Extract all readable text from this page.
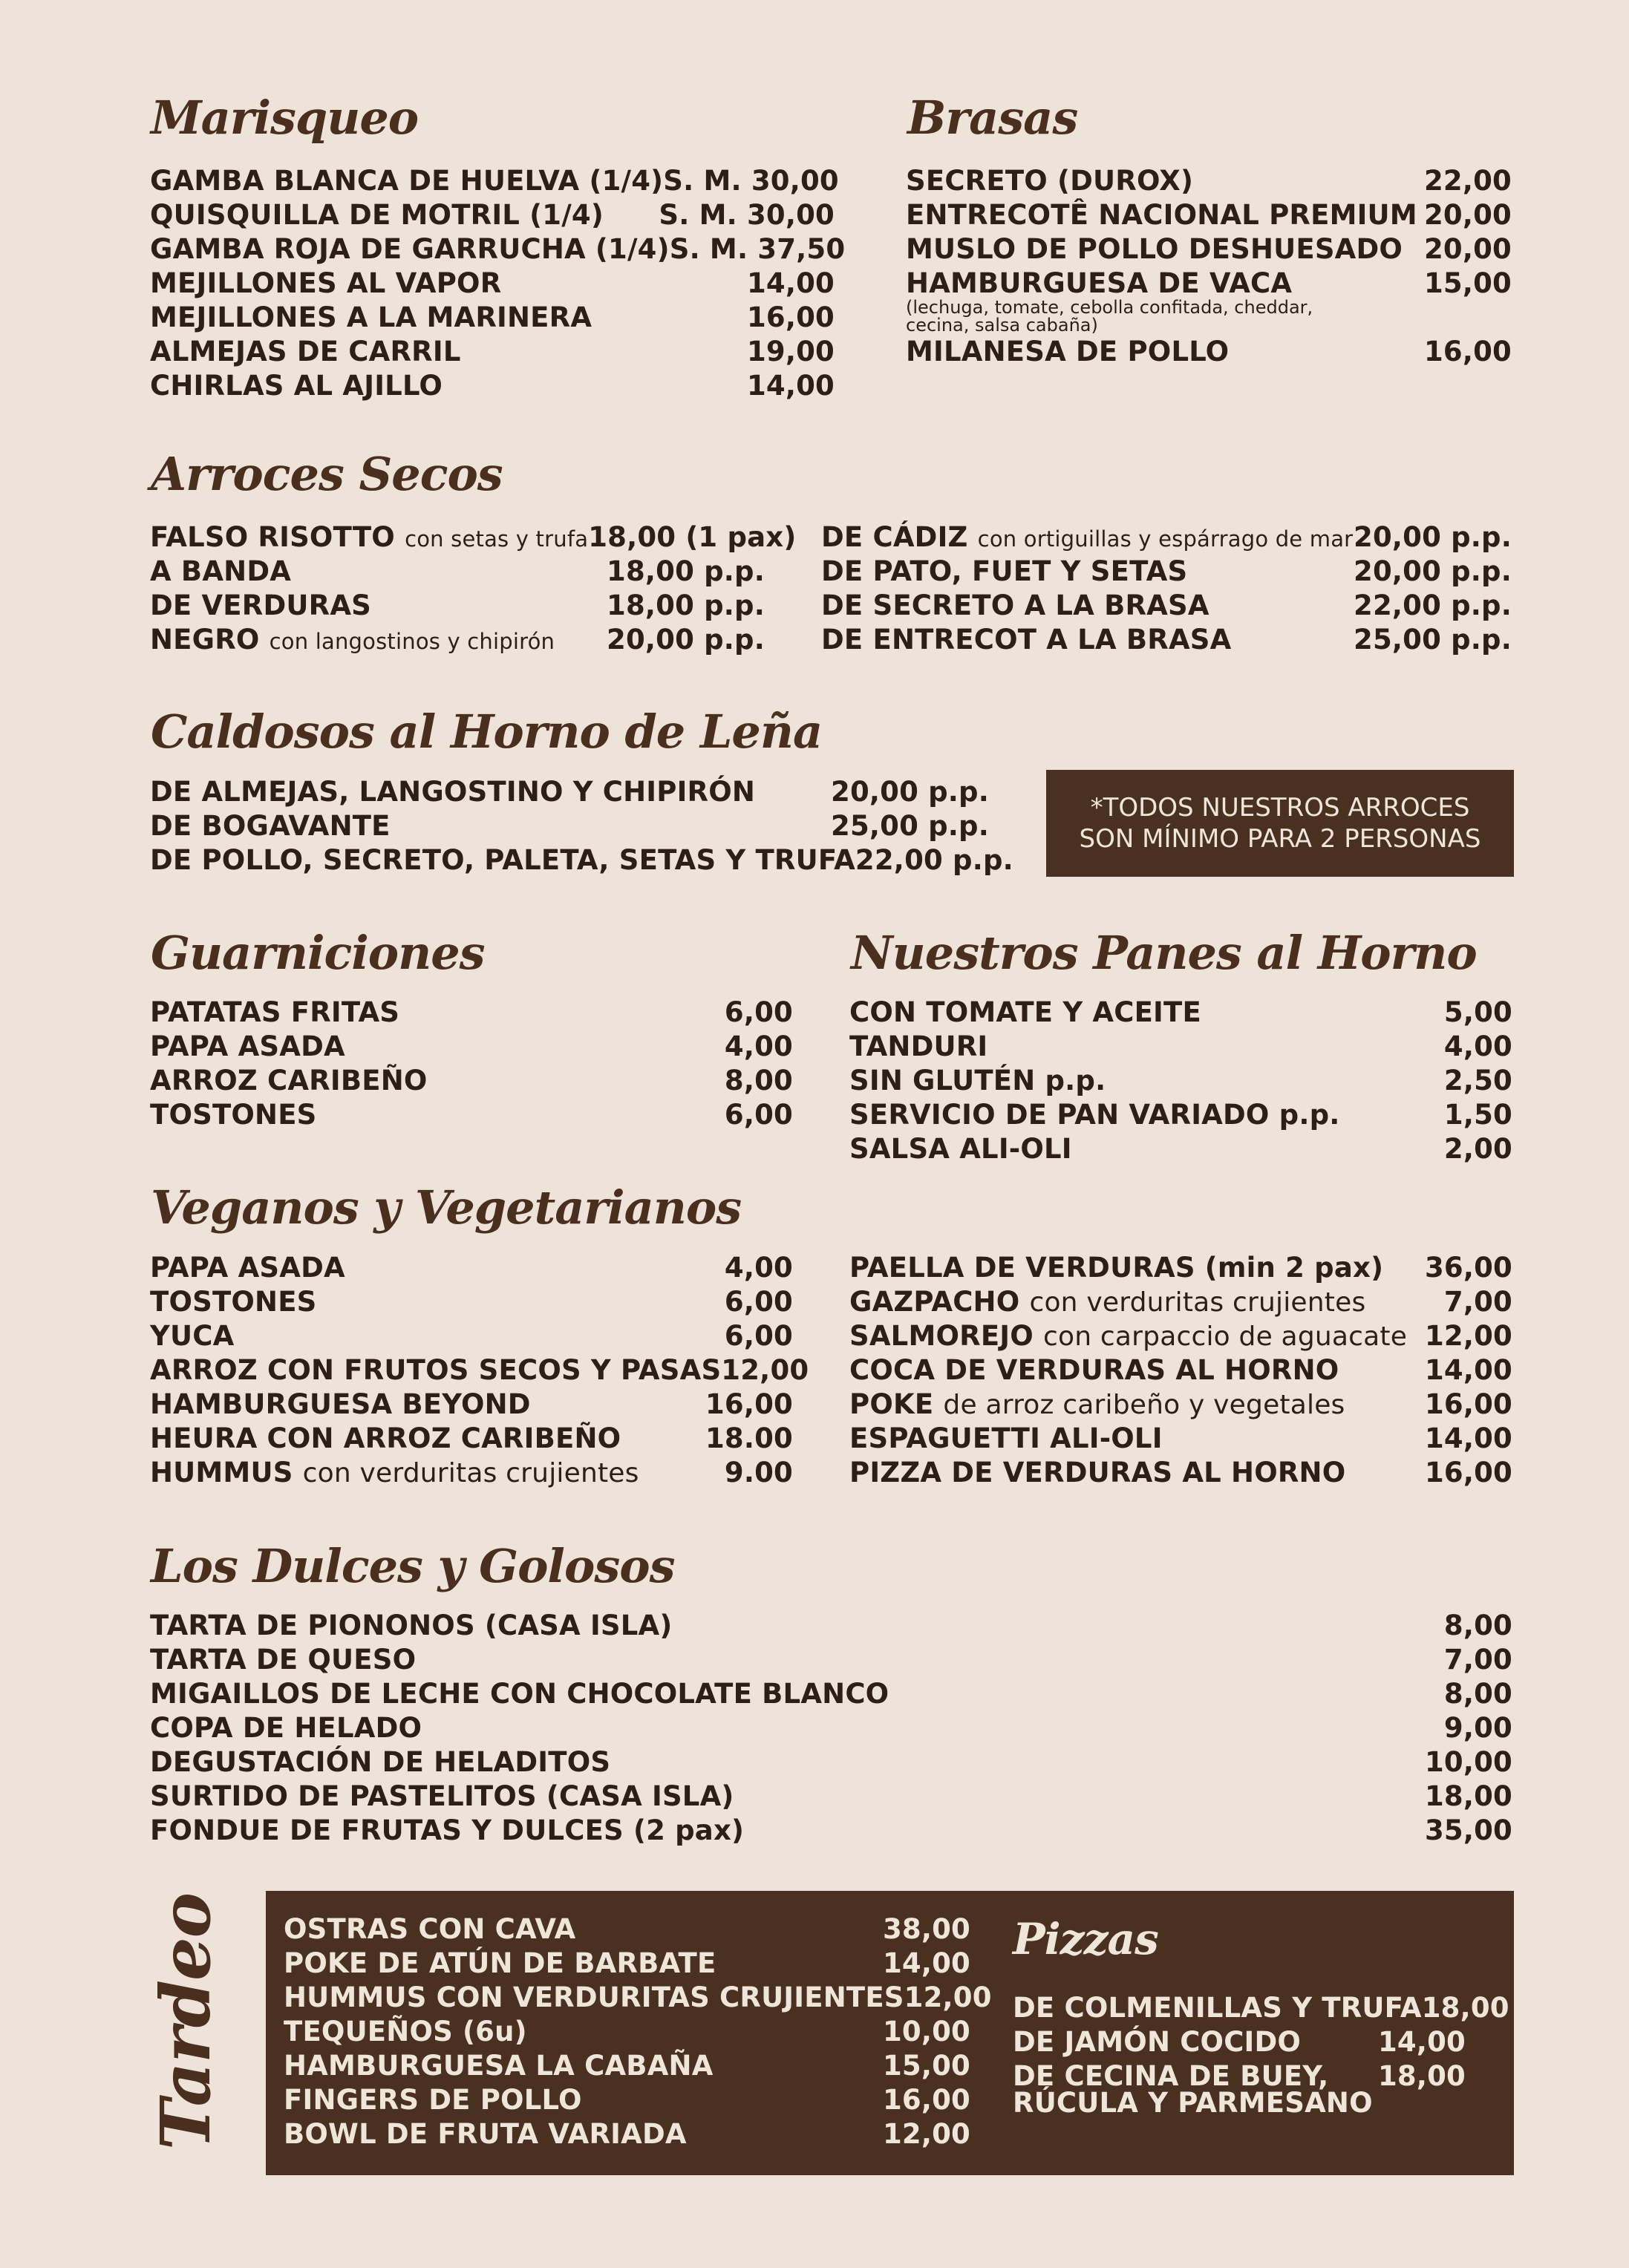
Marisqueo
GAMBA BLANCA DE HUELVA (1/4) S. M. 30,00
QUISQUILLA DE MOTRIL (1/4)	S. M. 30,00
GAMBA ROJA DE GARRUCHA (1/4) S. M. 37,50
MEJILLONES AL VAPOR	14,00
MEJILLONES A LA MARINERA	16,00
ALMEJAS DE CARRIL	19,00
CHIRLAS AL AJILLO	14,00
Brasas
SECRETO (DUROX)	22,00
ENTRECOTÊ NACIONAL PREMIUM 20,00
MUSLO DE POLLO DESHUESADO 20,00
HAMBURGUESA DE VACA	15,00
(lechuga, tomate, cebolla confitada, cheddar,
cecina, salsa cabaña)
MILANESA DE POLLO	16,00
Arroces Secos
FALSO RISOTTO con setas y trufa 18,00 (1 pax)
A BANDA	18,00 p.p.
DE VERDURAS	18,00 p.p.
NEGRO con langostinos y chipirón	20,00 p.p.
DE CÁDIZ con ortiguillas y espárrago de mar 20,00 p.p.
DE PATO, FUET Y SETAS	20,00 p.p.
DE SECRETO A LA BRASA	22,00 p.p.
DE ENTRECOT A LA BRASA	25,00 p.p.
Caldosos al Horno de Leña
DE ALMEJAS, LANGOSTINO Y CHIPIRÓN	20,00 p.p.
DE BOGAVANTE	25,00 p.p.
DE POLLO, SECRETO, PALETA, SETAS Y TRUFA 22,00 p.p.
*TODOS NUESTROS ARROCES
SON MÍNIMO PARA 2 PERSONAS
Guarniciones
PATATAS FRITAS	6,00
PAPA ASADA	4,00
ARROZ CARIBEÑO	8,00
TOSTONES	6,00
Nuestros Panes al Horno
CON TOMATE Y ACEITE	5,00
TANDURI	4,00
SIN GLUTÉN p.p.	2,50
SERVICIO DE PAN VARIADO p.p.	1,50
SALSA ALI-OLI	2,00
Veganos y Vegetarianos
PAPA ASADA	4,00
TOSTONES	6,00
YUCA	6,00
ARROZ CON FRUTOS SECOS Y PASAS 12,00
HAMBURGUESA BEYOND	16,00
HEURA CON ARROZ CARIBEÑO	18.00
HUMMUS con verduritas crujientes	9.00
PAELLA DE VERDURAS (min 2 pax)	36,00
GAZPACHO con verduritas crujientes	7,00
SALMOREJO con carpaccio de aguacate 12,00
COCA DE VERDURAS AL HORNO	14,00
POKE de arroz caribeño y vegetales	16,00
ESPAGUETTI ALI-OLI	14,00
PIZZA DE VERDURAS AL HORNO	16,00
Los Dulces y Golosos
TARTA DE PIONONOS (CASA ISLA)	8,00
TARTA DE QUESO	7,00
MIGAILLOS DE LECHE CON CHOCOLATE BLANCO	8,00
COPA DE HELADO	9,00
DEGUSTACIÓN DE HELADITOS	10,00
SURTIDO DE PASTELITOS (CASA ISLA)	18,00
FONDUE DE FRUTAS Y DULCES (2 pax)	35,00
Tardeo OSTRAS CON CAVA	38,00
POKE DE ATÚN DE BARBATE	14,00
HUMMUS CON VERDURITAS CRUJIENTES 12,00
TEQUEÑOS (6u)	10,00
HAMBURGUESA LA CABAÑA	15,00
FINGERS DE POLLO	16,00
BOWL DE FRUTA VARIADA	12,00
Pizzas
DE COLMENILLAS Y TRUFA 18,00
DE JAMÓN COCIDO	14,00
DE CECINA DE BUEY,	18,00
RÚCULA Y PARMESANO
